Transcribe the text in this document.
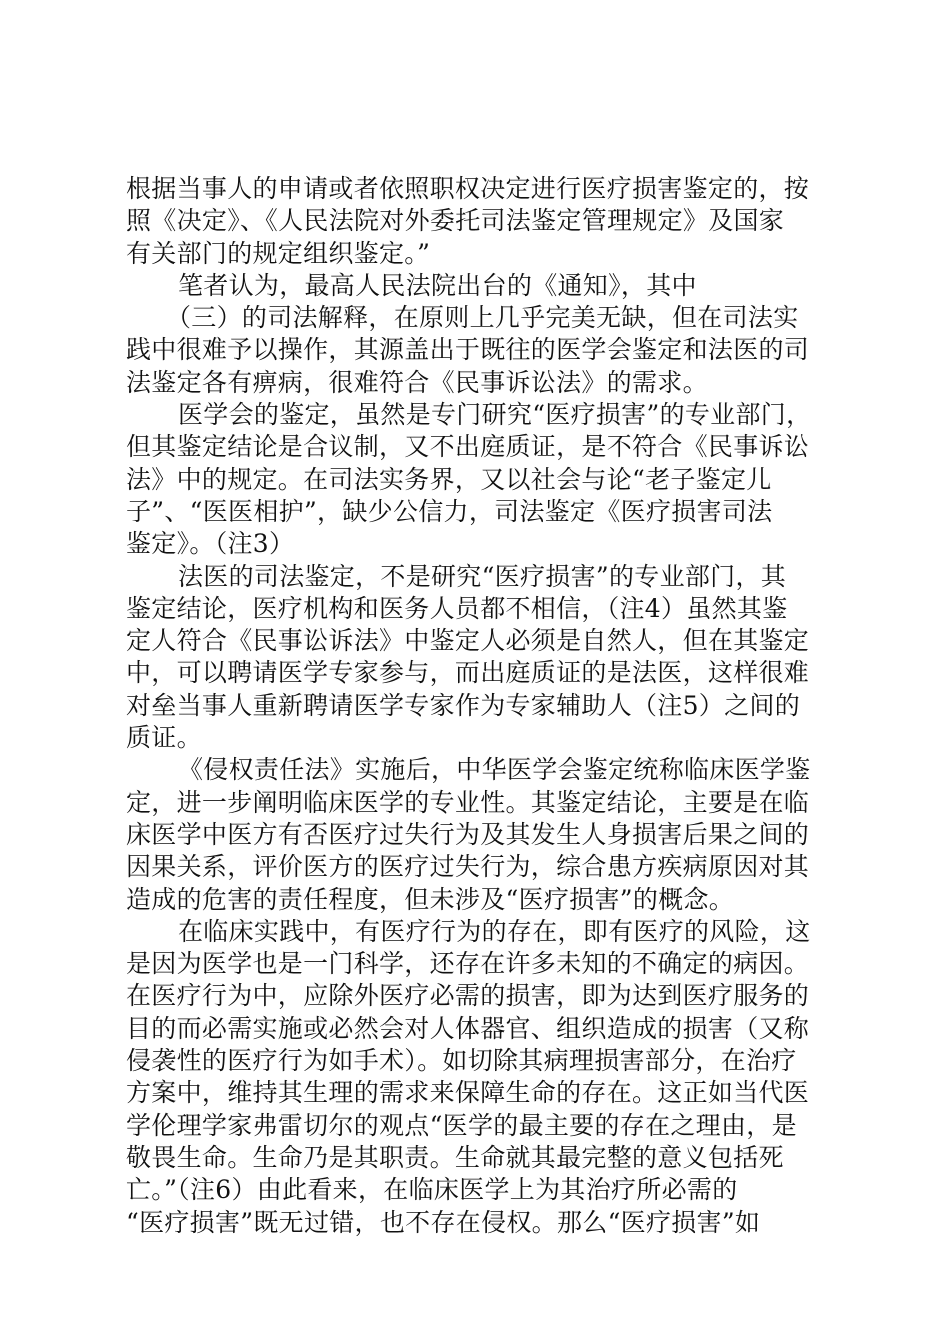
根据当事人的申请或者依照职权决定进行医疗损害鉴定的，按
照《决定》、《人民法院对外委托司法鉴定管理规定》及国家
有关部门的规定组织鉴定。”
笔者认为，最高人民法院出台的《通知》，其中
（三）的司法解释，在原则上几乎完美无缺，但在司法实
践中很难予以操作，其源盖出于既往的医学会鉴定和法医的司
法鉴定各有痹病，很难符合《民事诉讼法》的需求。
医学会的鉴定，虽然是专门研究“医疗损害”的专业部门，
但其鉴定结论是合议制，又不出庭质证，是不符合《民事诉讼
法》中的规定。在司法实务界，又以社会与论“老子鉴定儿
子”、“医医相护”，缺少公信力，司法鉴定《医疗损害司法
鉴定》。（注3）
法医的司法鉴定，不是研究“医疗损害”的专业部门，其
鉴定结论，医疗机构和医务人员都不相信，（注4）虽然其鉴
定人符合《民事讼诉法》中鉴定人必须是自然人，但在其鉴定
中，可以聘请医学专家参与，而出庭质证的是法医，这样很难
对垒当事人重新聘请医学专家作为专家辅助人（注5）之间的
质证。
《侵权责任法》实施后，中华医学会鉴定统称临床医学鉴
定，进一步阐明临床医学的专业性。其鉴定结论，主要是在临
床医学中医方有否医疗过失行为及其发生人身损害后果之间的
因果关系，评价医方的医疗过失行为，综合患方疾病原因对其
造成的危害的责任程度，但未涉及“医疗损害”的概念。
在临床实践中，有医疗行为的存在，即有医疗的风险，这
是因为医学也是一门科学，还存在许多未知的不确定的病因。
在医疗行为中，应除外医疗必需的损害，即为达到医疗服务的
目的而必需实施或必然会对人体器官、组织造成的损害（又称
侵袭性的医疗行为如手术）。如切除其病理损害部分，在治疗
方案中，维持其生理的需求来保障生命的存在。这正如当代医
学伦理学家弗雷切尔的观点“医学的最主要的存在之理由，是
敬畏生命。生命乃是其职责。生命就其最完整的意义包括死
亡。”（注6）由此看来，在临床医学上为其治疗所必需的
“医疗损害”既无过错，也不存在侵权。那么“医疗损害”如
